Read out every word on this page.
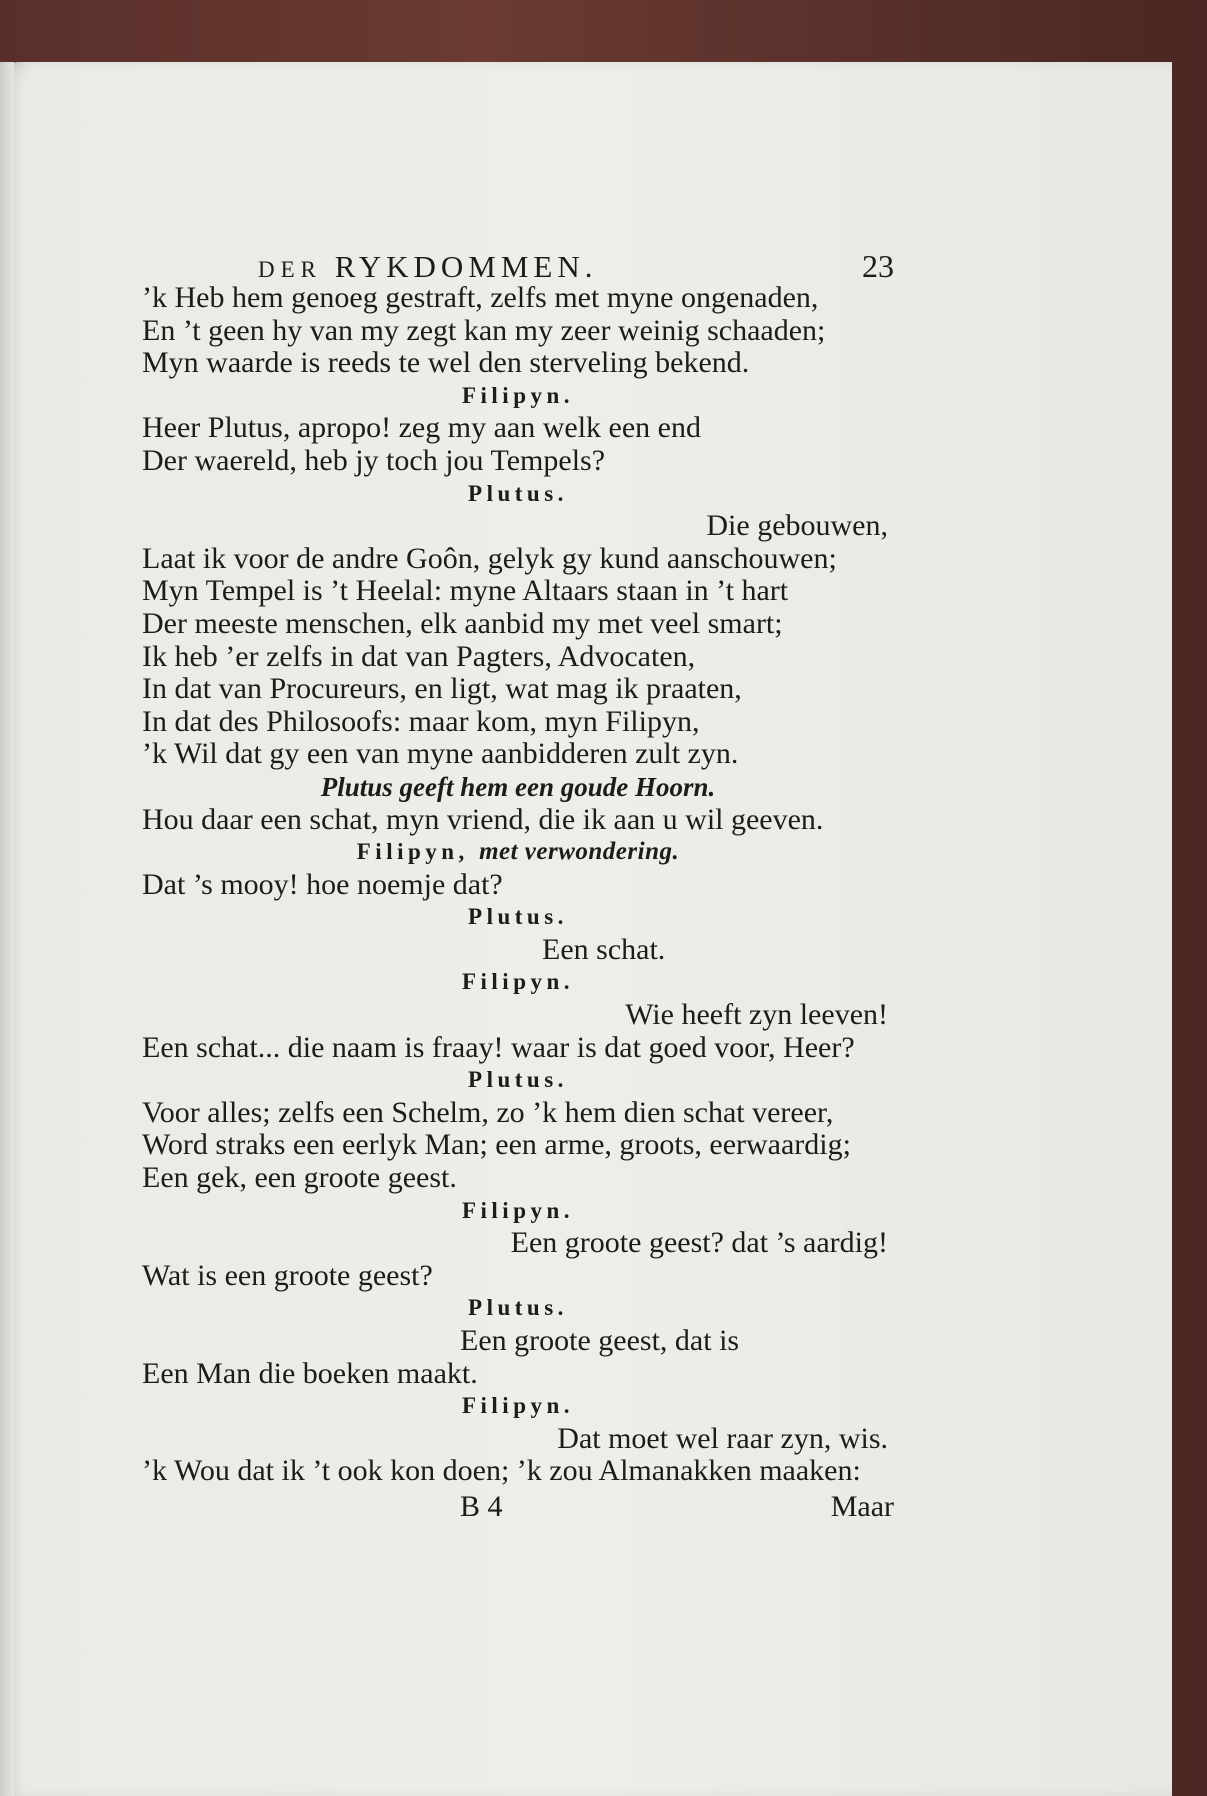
DER RYKDOMMEN.	23
’k Heb hem genoeg gestraft, zelfs met myne ongenaden,
En ’t geen hy van my zegt kan my zeer weinig schaaden;
Myn waarde is reeds te wel den sterveling bekend.
Filipyn.
Heer Plutus, apropo! zeg my aan welk een end
Der waereld, heb jy toch jou Tempels?
Plutus.
Die gebouwen,
Laat ik voor de andre Goôn, gelyk gy kund aanschouwen;
Myn Tempel is ’t Heelal: myne Altaars staan in ’t hart
Der meeste menschen, elk aanbid my met veel smart;
Ik heb ’er zelfs in dat van Pagters, Advocaten,
In dat van Procureurs, en ligt, wat mag ik praaten,
In dat des Philosoofs: maar kom, myn Filipyn,
’k Wil dat gy een van myne aanbidderen zult zyn.
Plutus geeft hem een goude Hoorn.
Hou daar een schat, myn vriend, die ik aan u wil geeven.
Filipyn, met verwondering.
Dat ’s mooy! hoe noemje dat?
Plutus.
Een schat.
Filipyn.
Wie heeft zyn leeven!
Een schat... die naam is fraay! waar is dat goed voor, Heer?
Plutus.
Voor alles; zelfs een Schelm, zo ’k hem dien schat vereer,
Word straks een eerlyk Man; een arme, groots, eerwaardig;
Een gek, een groote geest.
Filipyn.
Een groote geest? dat ’s aardig!
Wat is een groote geest?
Plutus.
Een groote geest, dat is
Een Man die boeken maakt.
Filipyn.
Dat moet wel raar zyn, wis.
’k Wou dat ik ’t ook kon doen; ’k zou Almanakken maaken:
B 4	Maar
